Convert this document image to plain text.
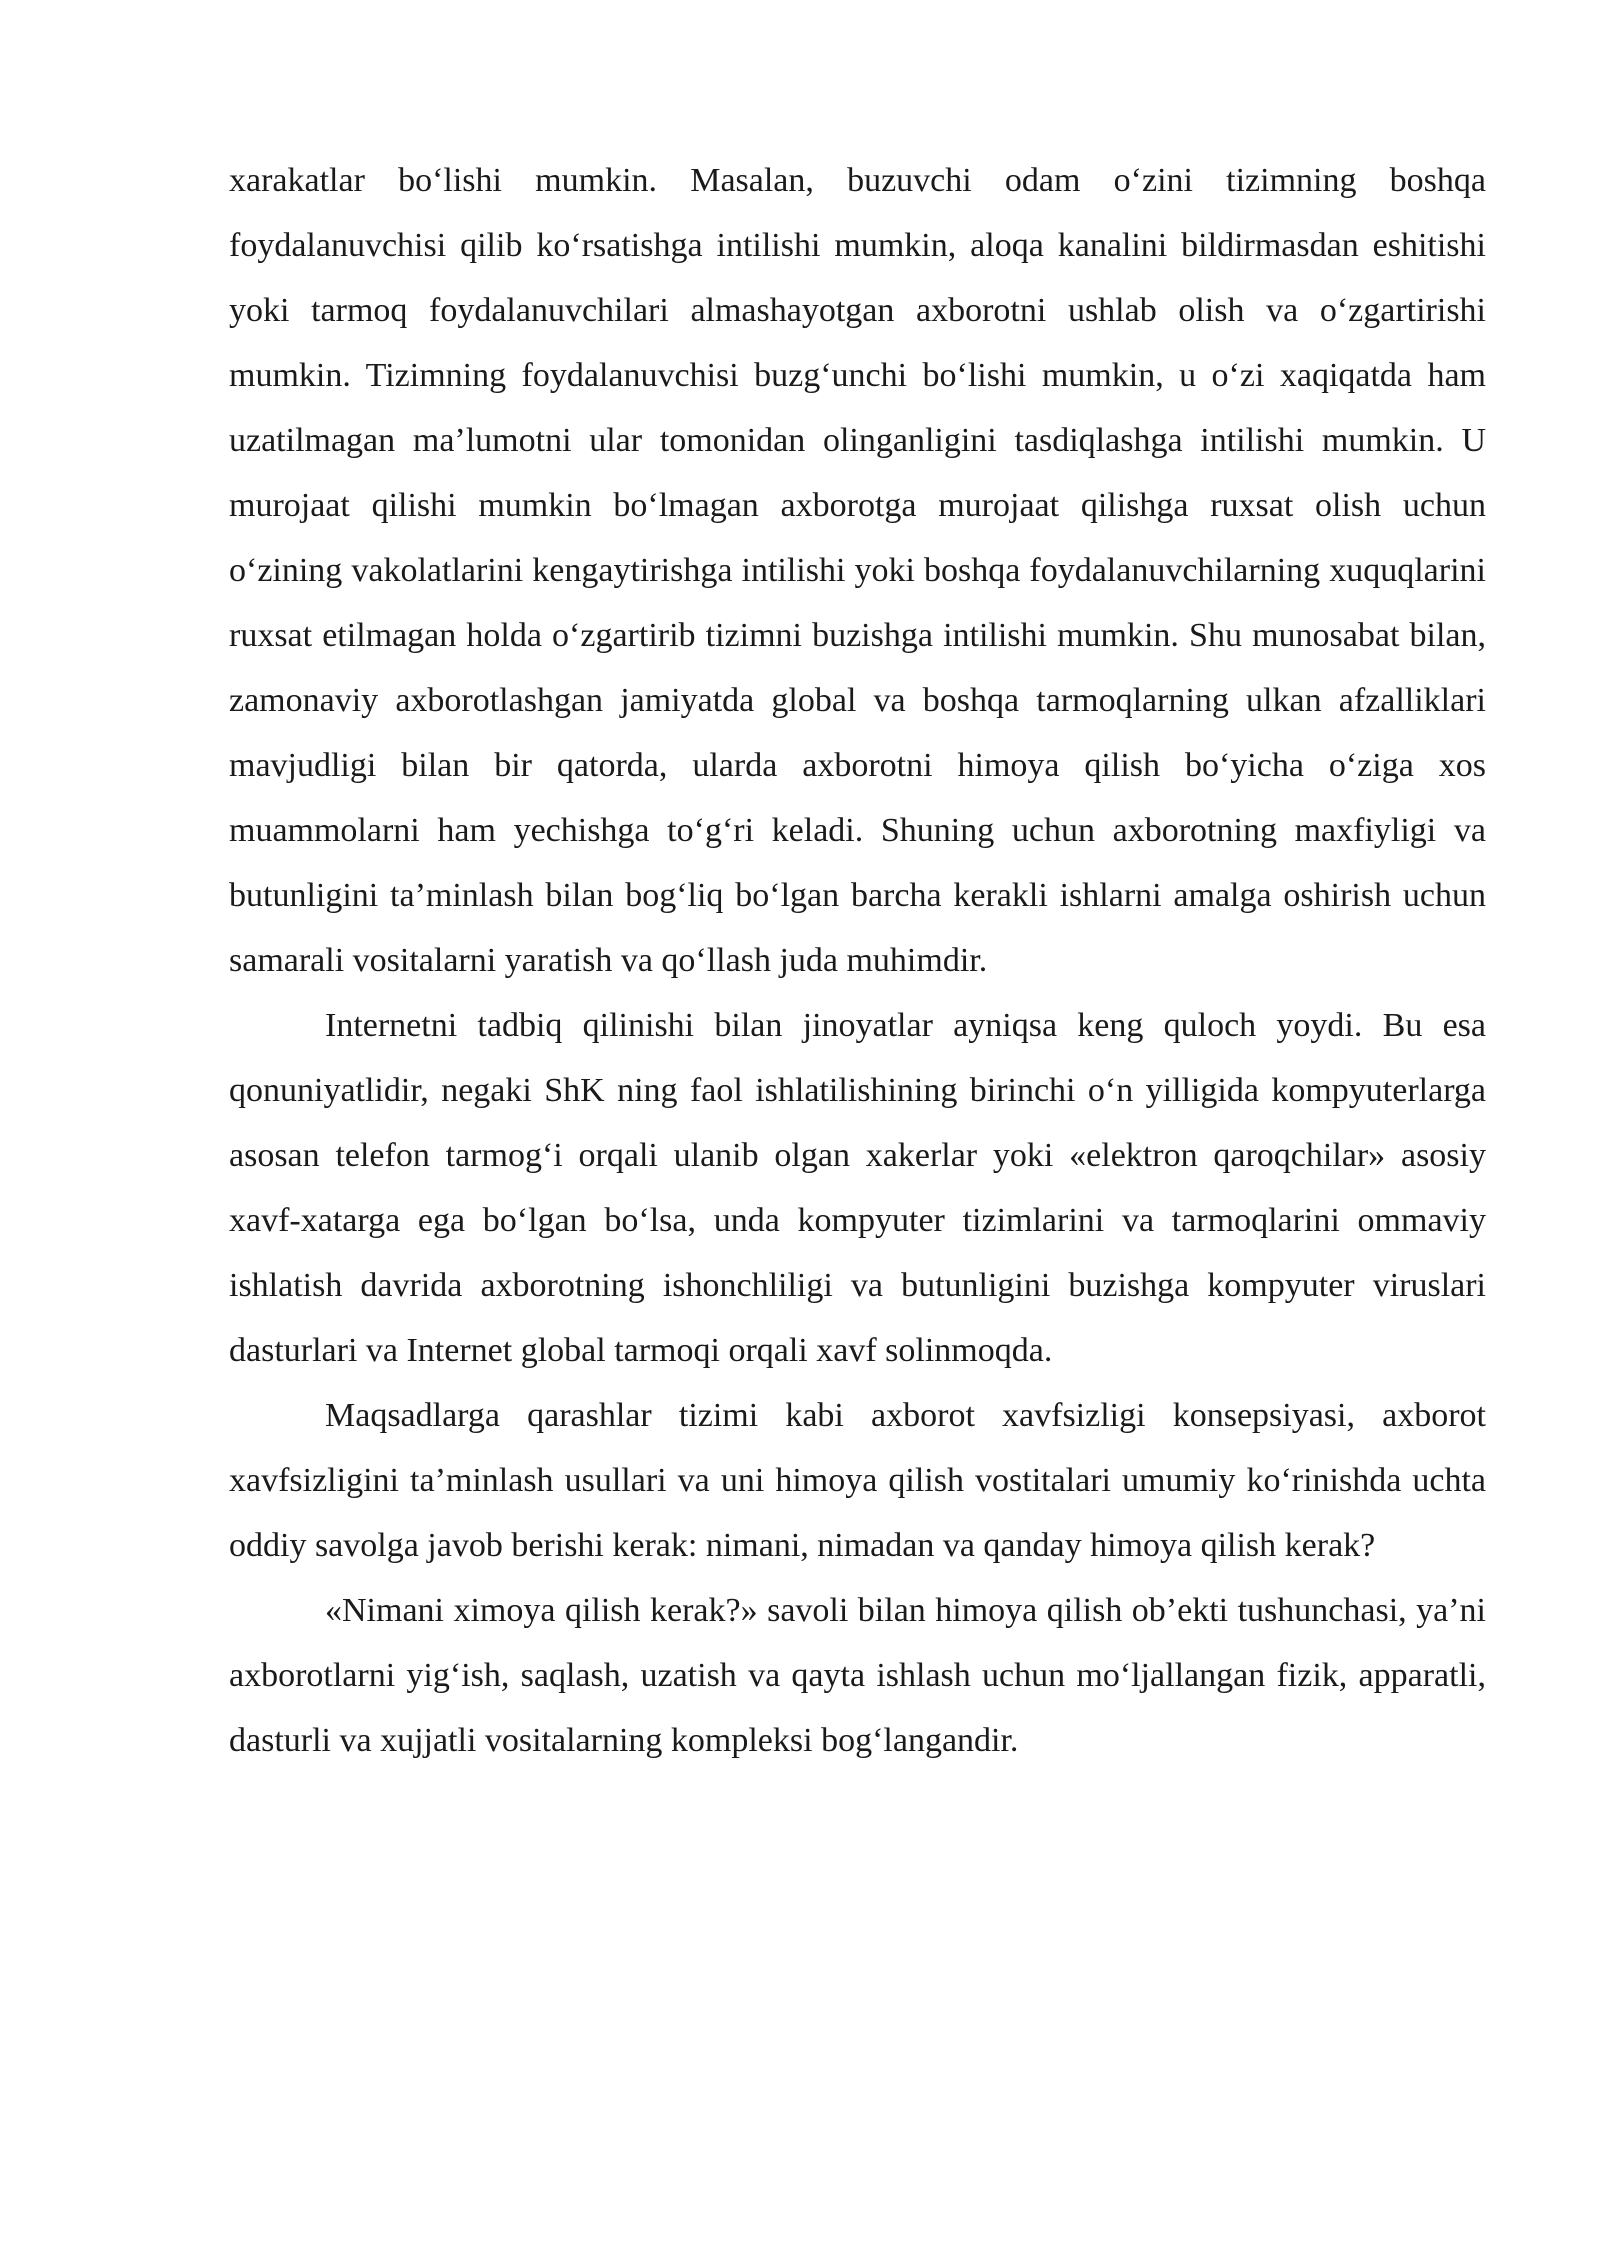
xarakatlar bo‘lishi mumkin. Masalan, buzuvchi odam o‘zini tizimning boshqa foydalanuvchisi qilib ko‘rsatishga intilishi mumkin, aloqa kanalini bildirmasdan eshitishi yoki tarmoq foydalanuvchilari almashayotgan axborotni ushlab olish va o‘zgartirishi mumkin. Tizimning foydalanuvchisi buzg‘unchi bo‘lishi mumkin, u o‘zi xaqiqatda ham uzatilmagan ma’lumotni ular tomonidan olinganligini tasdiqlashga intilishi mumkin. U murojaat qilishi mumkin bo‘lmagan axborotga murojaat qilishga ruxsat olish uchun o‘zining vakolatlarini kengaytirishga intilishi yoki boshqa foydalanuvchilarning xuquqlarini ruxsat etilmagan holda o‘zgartirib tizimni buzishga intilishi mumkin. Shu munosabat bilan, zamonaviy axborotlashgan jamiyatda global va boshqa tarmoqlarning ulkan afzalliklari mavjudligi bilan bir qatorda, ularda axborotni himoya qilish bo‘yicha o‘ziga xos muammolarni ham yechishga to‘g‘ri keladi. Shuning uchun axborotning maxfiyligi va butunligini ta’minlash bilan bog‘liq bo‘lgan barcha kerakli ishlarni amalga oshirish uchun samarali vositalarni yaratish va qo‘llash juda muhimdir.

Internetni tadbiq qilinishi bilan jinoyatlar ayniqsa keng quloch yoydi. Bu esa qonuniyatlidir, negaki ShK ning faol ishlatilishining birinchi o‘n yilligida kompyuterlarga asosan telefon tarmog‘i orqali ulanib olgan xakerlar yoki «elektron qaroqchilar» asosiy xavf-xatarga ega bo‘lgan bo‘lsa, unda kompyuter tizimlarini va tarmoqlarini ommaviy ishlatish davrida axborotning ishonchliligi va butunligini buzishga kompyuter viruslari dasturlari va Internet global tarmoqi orqali xavf solinmoqda.

Maqsadlarga qarashlar tizimi kabi axborot xavfsizligi konsepsiyasi, axborot xavfsizligini ta’minlash usullari va uni himoya qilish vostitalari umumiy ko‘rinishda uchta oddiy savolga javob berishi kerak: nimani, nimadan va qanday himoya qilish kerak?

«Nimani ximoya qilish kerak?» savoli bilan himoya qilish ob’ekti tushunchasi, ya’ni axborotlarni yig‘ish, saqlash, uzatish va qayta ishlash uchun mo‘ljallangan fizik, apparatli, dasturli va xujjatli vositalarning kompleksi bog‘langandir.
